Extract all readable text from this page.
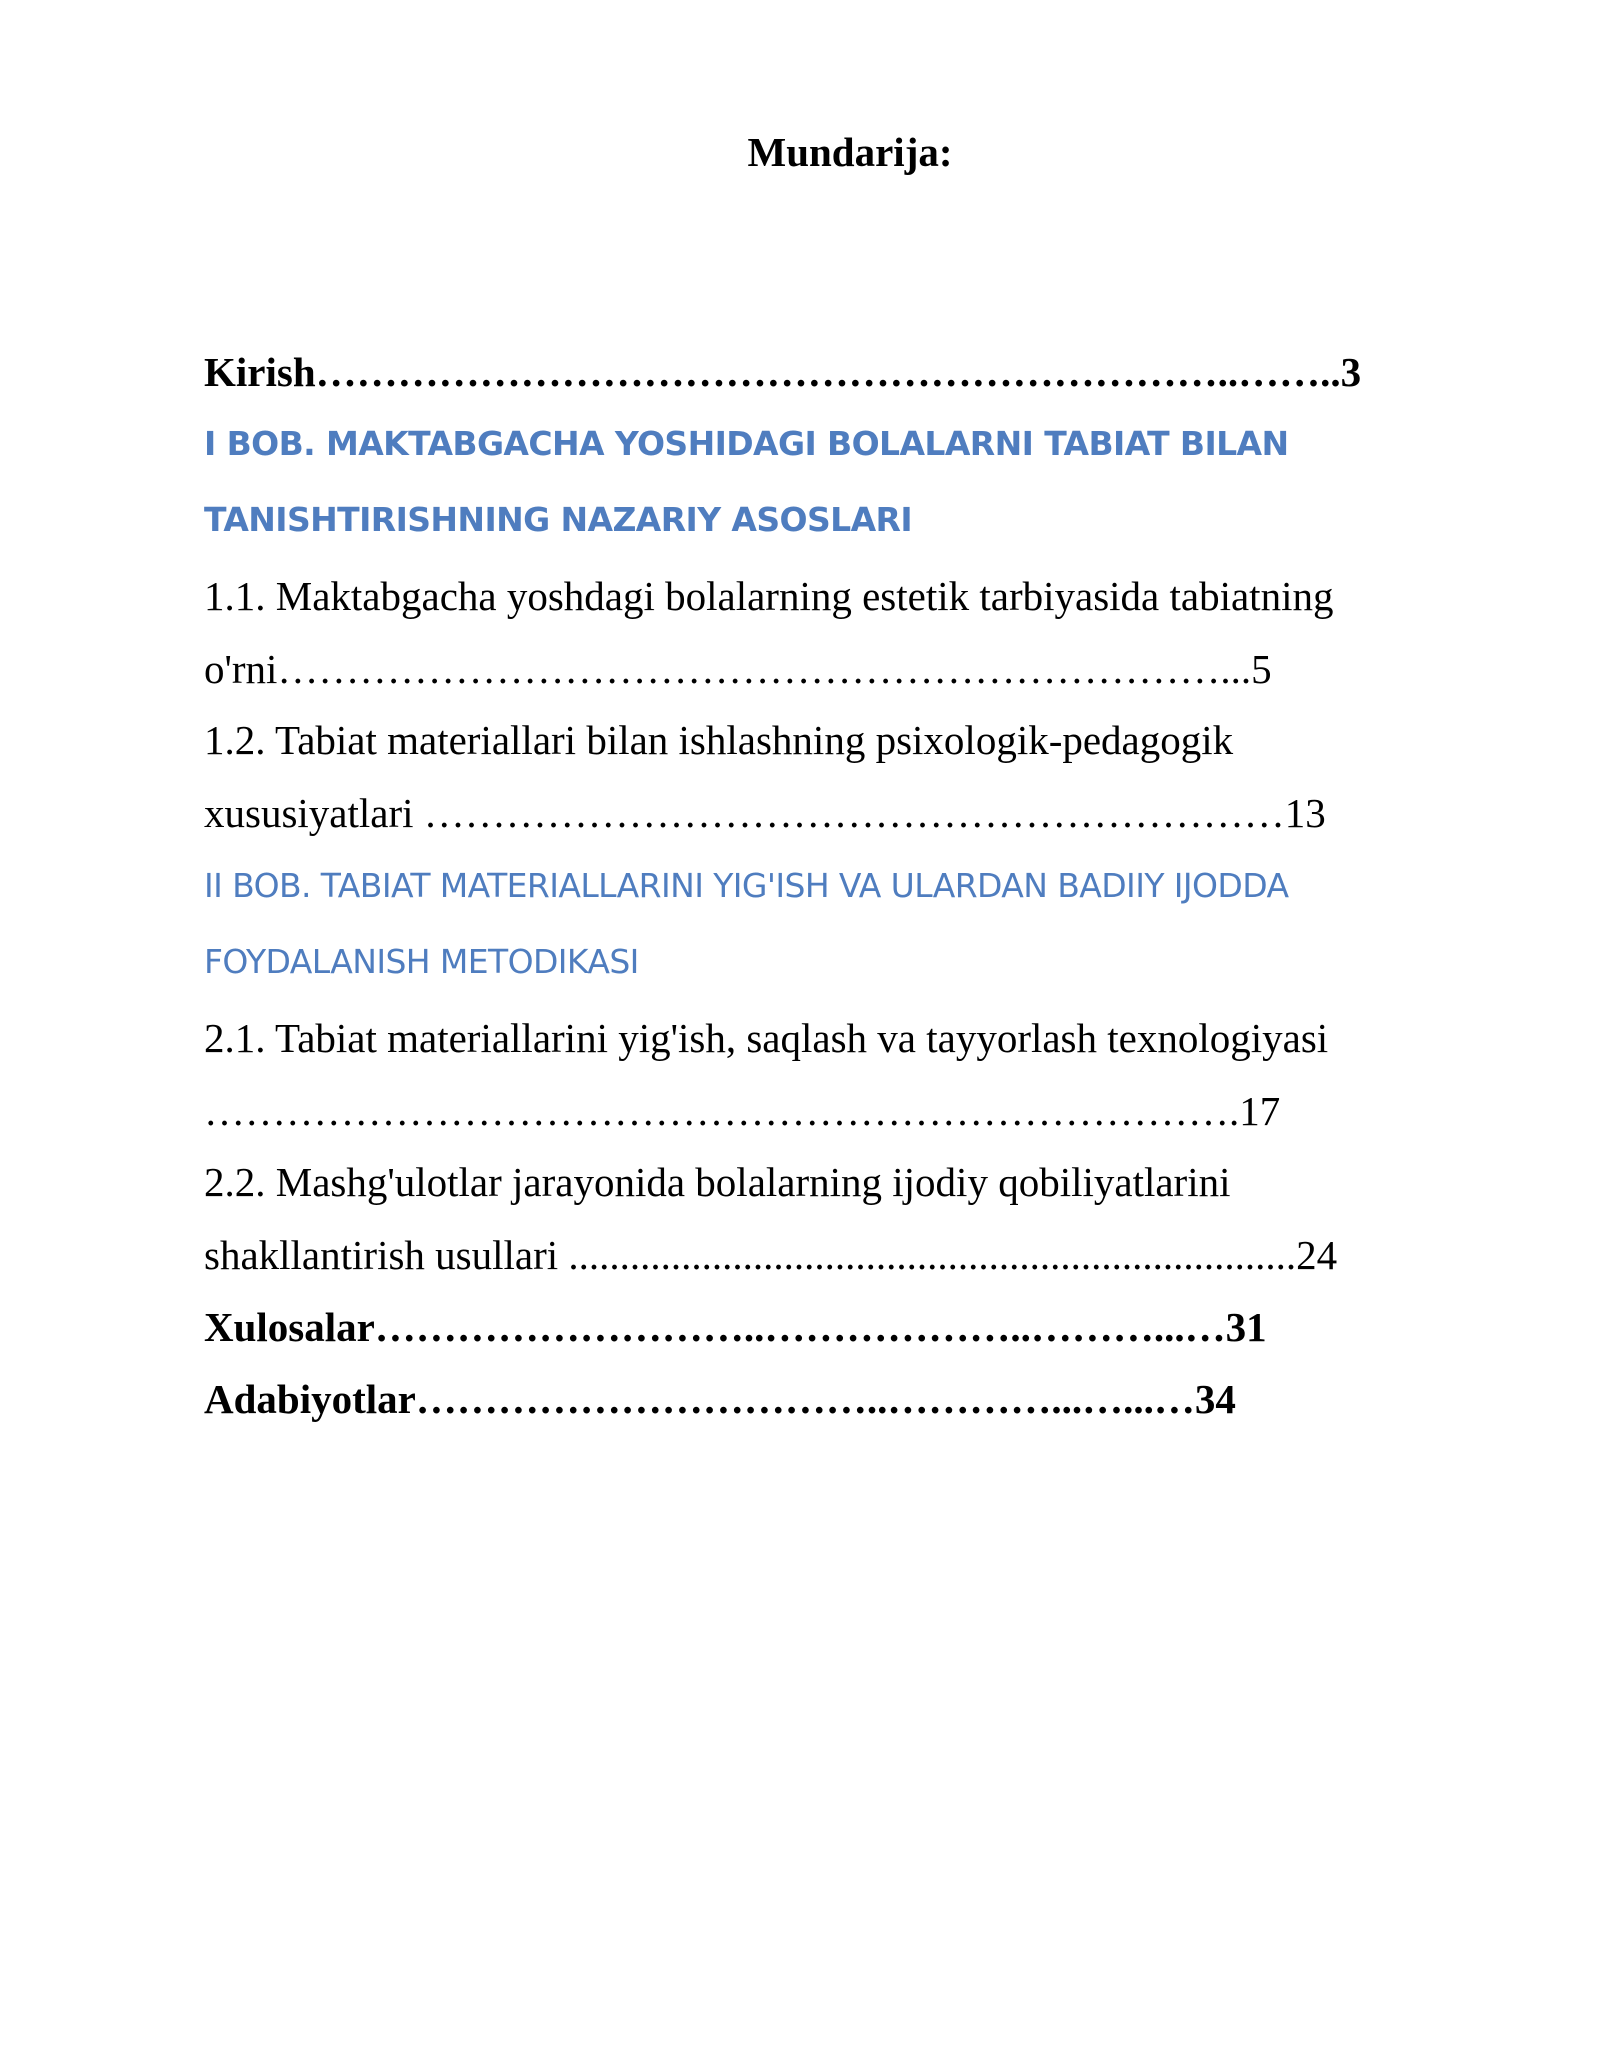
Mundarija:
Kirish…………………………………………………………..……..3
I BOB. MAKTABGACHA YOSHIDAGI BOLALARNI TABIAT BILAN
TANISHTIRISHNING NAZARIY ASOSLARI
1.1. Maktabgacha yoshdagi bolalarning estetik tarbiyasida tabiatning
o'rni……………………………………………………………...5
1.2. Tabiat materiallari bilan ishlashning psixologik-pedagogik
xususiyatlari ………………………………………………………13
II BOB. TABIAT MATERIALLARINI YIG'ISH VA ULARDAN BADIIY IJODDA
FOYDALANISH METODIKASI
2.1. Tabiat materiallarini yig'ish, saqlash va tayyorlash texnologiyasi
………………………………………………………………….17
2.2. Mashg'ulotlar jarayonida bolalarning ijodiy qobiliyatlarini
shakllantirish usullari .......................................................................24
Xulosalar………………………..………………..………...…31
Adabiyotlar……………………………..…………...…...…34
